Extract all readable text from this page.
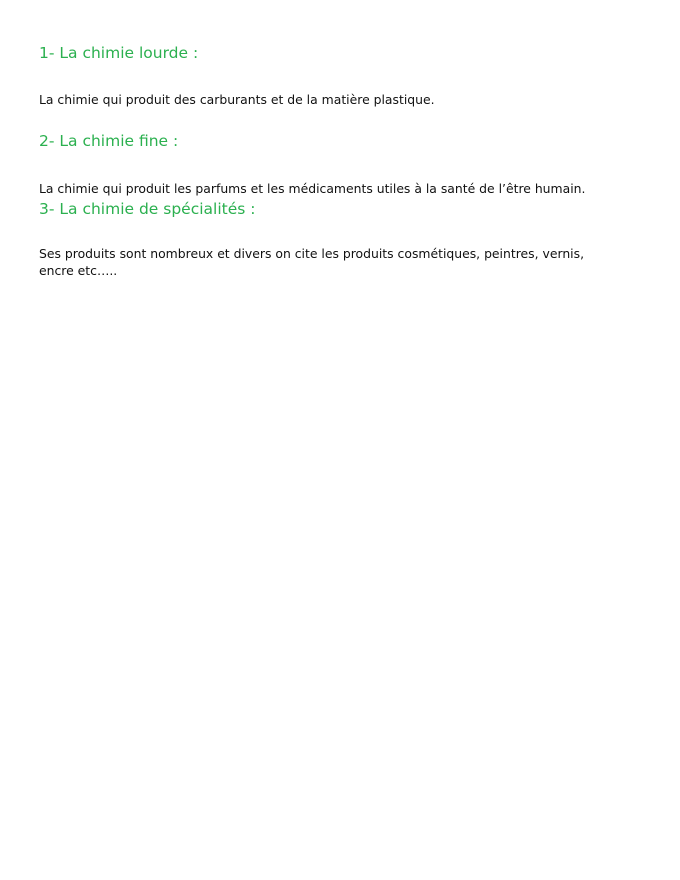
1- La chimie lourde :

La chimie qui produit des carburants et de la matière plastique.

2- La chimie fine :

La chimie qui produit les parfums et les médicaments utiles à la santé de l’être humain.

3- La chimie de spécialités :
Ses produits sont nombreux et divers on cite les produits cosmétiques, peintres, vernis,
encre etc…..
